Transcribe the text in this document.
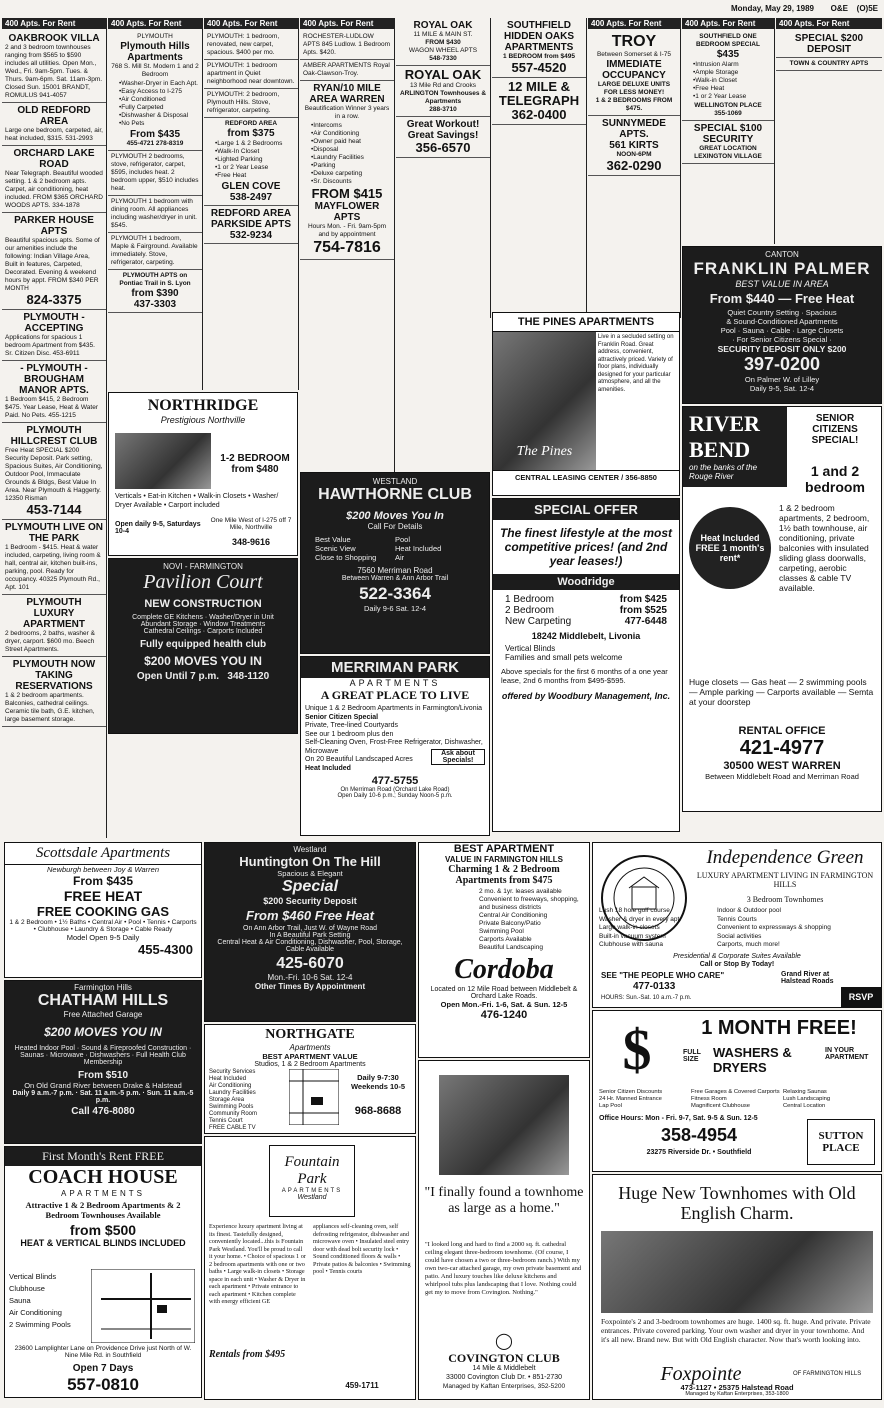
Monday, May 29, 1989 O&E (O)5E
400 Apts. For Rent
OAKBROOK VILLA
2 and 3 bedroom townhouses ranging from $565 to $590 includes all utilities. Open Mon., Wed., Fri. 9am-5pm. Tues. & Thurs. 9am-6pm. Sat. 11am-3pm. Closed Sun. 15001 BRANDT, ROMULUS 941-4057
OLD REDFORD AREA
Large one bedroom, carpeted, air, heat included, $315. 531-2993
ORCHARD LAKE ROAD
Near Telegraph. Beautiful wooded setting. 1 & 2 bedroom apts. Carpet, air conditioning, heat included. FROM $365 ORCHARD WOODS APTS. 334-1878
PARKER HOUSE APTS
Beautiful spacious apts. Some of our amenities include the following: Indian Village Area, Built in features, Carpeted, Decorated. Evening & weekend hours by appt. FROM $340 PER MONTH
824-3375
PLYMOUTH - ACCEPTING
Applications for spacious 1 bedroom Apartment from $435. Sr. Citizen Disc. 453-6911
- PLYMOUTH - BROUGHAM MANOR APTS.
1 Bedroom $415, 2 Bedroom $475. Year Lease, Heat & Water Paid. No Pets. 455-1215
PLYMOUTH HILLCREST CLUB
Free Heat SPECIAL $200 Security Deposit. Park setting, Spacious Suites, Air Conditioning, Outdoor Pool, Immaculate Grounds & Bldgs, Best Value In Area. Near Plymouth & Haggerty. 12350 Risman
453-7144
PLYMOUTH LIVE ON THE PARK
1 Bedroom - $415. Heat & water included, carpeting, living room & hall, central air, kitchen built-ins, parking, pool. Ready for occupancy. 40325 Plymouth Rd., Apt. 101
PLYMOUTH LUXURY APARTMENT
2 bedrooms, 2 baths, washer & dryer, carport. $600 mo. Beech Street Apartments.
PLYMOUTH NOW TAKING RESERVATIONS
1 & 2 bedroom apartments. Balconies, cathedral ceilings. Ceramic tile bath, G.E. kitchen, large basement storage.
400 Apts. For Rent
PLYMOUTH
Plymouth Hills Apartments
768 S. Mill St. Modern 1 and 2 Bedroom
• Washer-Dryer in Each Apt.
• Easy Access to I-275
• Air Conditioned
• Fully Carpeted
• Dishwasher & Disposal
• No Pets
From $435
455-4721 278-8319
PLYMOUTH 2 bedrooms, stove, refrigerator, carpet, $595, includes heat. 2 bedroom upper, $510 includes heat.
PLYMOUTH 1 bedroom with dining room. All appliances including washer/dryer in unit. $545.
PLYMOUTH 1 bedroom, Maple & Fairground. Available immediately. Stove, refrigerator, carpeting.
PLYMOUTH APTS on Pontiac Trail in S. Lyon
from $390
437-3303
400 Apts. For Rent
PLYMOUTH: 1 bedroom, renovated, new carpet, spacious. $400 per mo.
PLYMOUTH: 1 bedroom apartment in Quiet neighborhood near downtown.
PLYMOUTH: 2 bedroom, Plymouth Hills. Stove, refrigerator, carpeting.
REDFORD AREA
from $375
• Large 1 & 2 Bedrooms
• Walk-In Closet
• Lighted Parking
• 1 or 2 Year Lease
• Free Heat
GLEN COVE
538-2497
REDFORD AREA
PARKSIDE APTS
532-9234
400 Apts. For Rent
ROCHESTER-LUDLOW APTS 845 Ludlow. 1 Bedroom Apts. $420.
AMBER APARTMENTS Royal Oak-Clawson-Troy.
RYAN/10 MILE AREA WARREN
Beautification Winner 3 years in a row.
• Intercoms
• Air Conditioning
• Owner paid heat
• Disposal
• Laundry Facilities
• Parking
• Deluxe carpeting
• Sr. Discounts
FROM $415
MAYFLOWER APTS
Hours Mon. - Fri. 9am-5pm and by appointment
754-7816
ROYAL OAK
11 MILE & MAIN ST.
FROM $430
WAGON WHEEL APTS
548-7330
ROYAL OAK
13 Mile Rd and Crooks
ARLINGTON Townhouses & Apartments
288-3710
Great Workout! Great Savings!
356-6570
SOUTHFIELD HIDDEN OAKS APARTMENTS
1 BEDROOM from $495
557-4520
12 MILE & TELEGRAPH
362-0400
400 Apts. For Rent
TROY
Between Somerset & I-75
IMMEDIATE OCCUPANCY
LARGE DELUXE UNITS FOR LESS MONEY!
1 & 2 BEDROOMS FROM $475.
SUNNYMEDE APTS.
561 KIRTS
NOON-6PM
362-0290
400 Apts. For Rent
SOUTHFIELD ONE BEDROOM SPECIAL
$435
• Intrusion Alarm
• Ample Storage
• Walk-in Closet
• Free Heat
• 1 or 2 Year Lease
WELLINGTON PLACE
355-1069
SPECIAL $100 SECURITY
GREAT LOCATION
LEXINGTON VILLAGE
400 Apts. For Rent
SPECIAL $200 DEPOSIT
TOWN & COUNTRY APTS
CANTON
FRANKLIN PALMER
BEST VALUE IN AREA
From $440 — Free Heat
Quiet Country Setting · Spacious
& Sound-Conditioned Apartments
Pool · Sauna · Cable · Large Closets
· For Senior Citizens Special ·
SECURITY DEPOSIT ONLY $200
397-0200
On Palmer W. of Lilley
Daily 9-5, Sat. 12-4
THE PINES APARTMENTS
The Pines
Live in a secluded setting on Franklin Road. Great address, convenient, attractively priced. Variety of floor plans, individually designed for your particular atmosphere, and all the amenities.
CENTRAL LEASING CENTER / 356-8850
RIVER BEND
on the banks of the Rouge River
SENIOR CITIZENS SPECIAL!
1 and 2 bedroom
Heat Included FREE 1 month's rent*
1 & 2 bedroom apartments, 2 bedroom, 1½ bath townhouse, air conditioning, private balconies with insulated sliding glass doorwalls, carpeting, aerobic classes & cable TV available.
Huge closets — Gas heat — 2 swimming pools — Ample parking — Carports available — Semta at your doorstep
RENTAL OFFICE
421-4977
30500 WEST WARREN
Between Middlebelt Road and Merriman Road
NORTHRIDGE
Prestigious Northville
1-2 BEDROOM from $480
Verticals • Eat-in Kitchen • Walk-in Closets • Washer/ Dryer Available • Carport included
Open daily 9-5, Saturdays 10-4
One Mile West of I-275 off 7 Mile, Northville
348-9616
NOVI - FARMINGTON
Pavilion Court
NEW CONSTRUCTION
Complete GE Kitchens · Washer/Dryer in Unit
Abundant Storage · Window Treatments
Cathedral Ceilings · Carports Included
Fully equipped health club
$200 MOVES YOU IN
Open Until 7 p.m. 348-1120
WESTLAND
HAWTHORNE CLUB
$200 Moves You In
Call For Details
Best Value	Pool
Scenic View	Heat Included
Close to Shopping	Air
7560 Merriman Road
Between Warren & Ann Arbor Trail
522-3364
Daily 9-6 Sat. 12-4
MERRIMAN PARK
APARTMENTS
A GREAT PLACE TO LIVE
Unique 1 & 2 Bedroom Apartments in Farmington/Livonia
Senior Citizen Special
Private, Tree-lined Courtyards
See our 1 bedroom plus den
Self-Cleaning Oven, Frost-Free Refrigerator, Dishwasher, Microwave
On 20 Beautiful Landscaped Acres
Heat Included
Ask about Specials!
477-5755
On Merriman Road (Orchard Lake Road)
Open Daily 10-6 p.m.; Sunday Noon-5 p.m.
SPECIAL OFFER
The finest lifestyle at the most competitive prices! (and 2nd year leases!)
Woodridge
1 Bedroom	from $425
2 Bedroom	from $525
New Carpeting	477-6448
18242 Middlebelt, Livonia
Vertical Blinds
Families and small pets welcome
Above specials for the first 6 months of a one year lease, 2nd 6 months from $495-$595.
offered by Woodbury Management, Inc.
Scottsdale Apartments
Newburgh between Joy & Warren
From $435
FREE HEAT
FREE COOKING GAS
1 & 2 Bedroom • 1½ Baths • Central Air • Pool • Tennis • Carports • Clubhouse • Laundry & Storage • Cable Ready
Model Open 9-5 Daily
455-4300
Farmington Hills
CHATHAM HILLS
Free Attached Garage
$200 MOVES YOU IN
Heated Indoor Pool · Sound & Fireproofed Construction · Saunas · Microwave · Dishwashers · Full Health Club Membership
From $510
On Old Grand River between Drake & Halstead
Daily 9 a.m.-7 p.m. · Sat. 11 a.m.-5 p.m. · Sun. 11 a.m.-5 p.m.
Call 476-8080
First Month's Rent FREE
COACH HOUSE
APARTMENTS
Attractive 1 & 2 Bedroom Apartments & 2 Bedroom Townhouses Available
from $500
HEAT & VERTICAL BLINDS INCLUDED
Vertical Blinds
Clubhouse
Sauna
Air Conditioning
2 Swimming Pools
23600 Lamplighter Lane on Providence Drive just North of W. Nine Mile Rd. in Southfield
Open 7 Days
557-0810
Westland
Huntington On The Hill
Spacious & Elegant
Special
$200 Security Deposit
From $460 Free Heat
On Ann Arbor Trail, Just W. of Wayne Road
In A Beautiful Park Setting
Central Heat & Air Conditioning, Dishwasher, Pool, Storage, Cable Available
425-6070
Mon.-Fri. 10-6 Sat. 12-4
Other Times By Appointment
NORTHGATE
Apartments
BEST APARTMENT VALUE
Studios, 1 & 2 Bedroom Apartments
Security Services
Heat Included
Air Conditioning
Laundry Facilities
Storage Area
Swimming Pools
Community Room
Tennis Court
FREE CABLE TV
Daily 9-7:30 Weekends 10-5
968-8688
Fountain Park
APARTMENTS
Westland
Experience luxury apartment living at its finest. Tastefully designed, conveniently located...this is Fountain Park Westland. You'll be proud to call it your home. • Choice of spacious 1 or 2 bedroom apartments with one or two baths • Large walk-in closets • Storage space in each unit • Washer & Dryer in each apartment • Private entrance to each apartment • Kitchen complete with energy efficient GE
appliances self-cleaning oven, self defrosting refrigerator, dishwasher and microwave oven • Insulated steel entry door with dead bolt security lock • Sound conditioned floors & walls • Private patios & balconies • Swimming pool • Tennis courts
Rentals from $495
459-1711
BEST APARTMENT
VALUE IN FARMINGTON HILLS
Charming 1 & 2 Bedroom
Apartments from $475
2 mo. & 1yr. leases available
Convenient to freeways, shopping, and business districts
Central Air Conditioning
Private Balcony/Patio
Swimming Pool
Carports Available
Beautiful Landscaping
Cordoba
Located on 12 Mile Road between Middlebelt & Orchard Lake Roads.
Open Mon.-Fri. 1-6, Sat. & Sun. 12-5
476-1240
"I finally found a townhome as large as a home."
"I looked long and hard to find a 2000 sq. ft. cathedral ceiling elegant three-bedroom townhome. (Of course, I could have chosen a two or three-bedroom ranch.) With my own two-car attached garage, my own private basement and patio. And luxury touches like deluxe kitchens and whirlpool tubs plus landscaping that I love. Nothing could get my to move from Covington. Nothing."
◯
COVINGTON CLUB
14 Mile & Middlebelt
33000 Covington Club Dr. • 851-2730
Managed by Kaftan Enterprises, 352-5200
Independence Green
LUXURY APARTMENT LIVING IN FARMINGTON HILLS
3 Bedroom Townhomes
Lush 18 hole golf course
Washer & dryer in every apt.
Large walk-in closets
Built-in vacuum system
Clubhouse with sauna
Indoor & Outdoor pool
Tennis Courts
Convenient to expressways & shopping
Social activities
Carports, much more!
Presidential & Corporate Suites Available
Call or Stop By Today!
SEE "THE PEOPLE WHO CARE"
477-0133
Grand River at Halstead Roads
HOURS: Sun.-Sat. 10 a.m.-7 p.m.	RSVP
$	1 MONTH FREE!
FULL SIZE	WASHERS & DRYERS
IN YOUR APARTMENT
Senior Citizen Discounts	Free Garages & Covered Carports Relaxing Saunas
24 Hr. Manned Entrance	Fitness Room	Lush Landscaping
Lap Pool	Magnificent Clubhouse	Central Location
Office Hours: Mon - Fri. 9-7, Sat. 9-5 & Sun. 12-5
358-4954
23275 Riverside Dr. • Southfield
SUTTON PLACE
Huge New Townhomes with Old English Charm.
Foxpointe's 2 and 3-bedroom townhomes are huge. 1400 sq. ft. huge. And private. Private entrances. Private covered parking. Your own washer and dryer in your townhome. And it's all new. Brand new. But with Old English character. Now that's worth looking into.
Foxpointe	OF FARMINGTON HILLS
473-1127 • 25375 Halstead Road
Managed by Kaftan Enterprises, 353-1800
